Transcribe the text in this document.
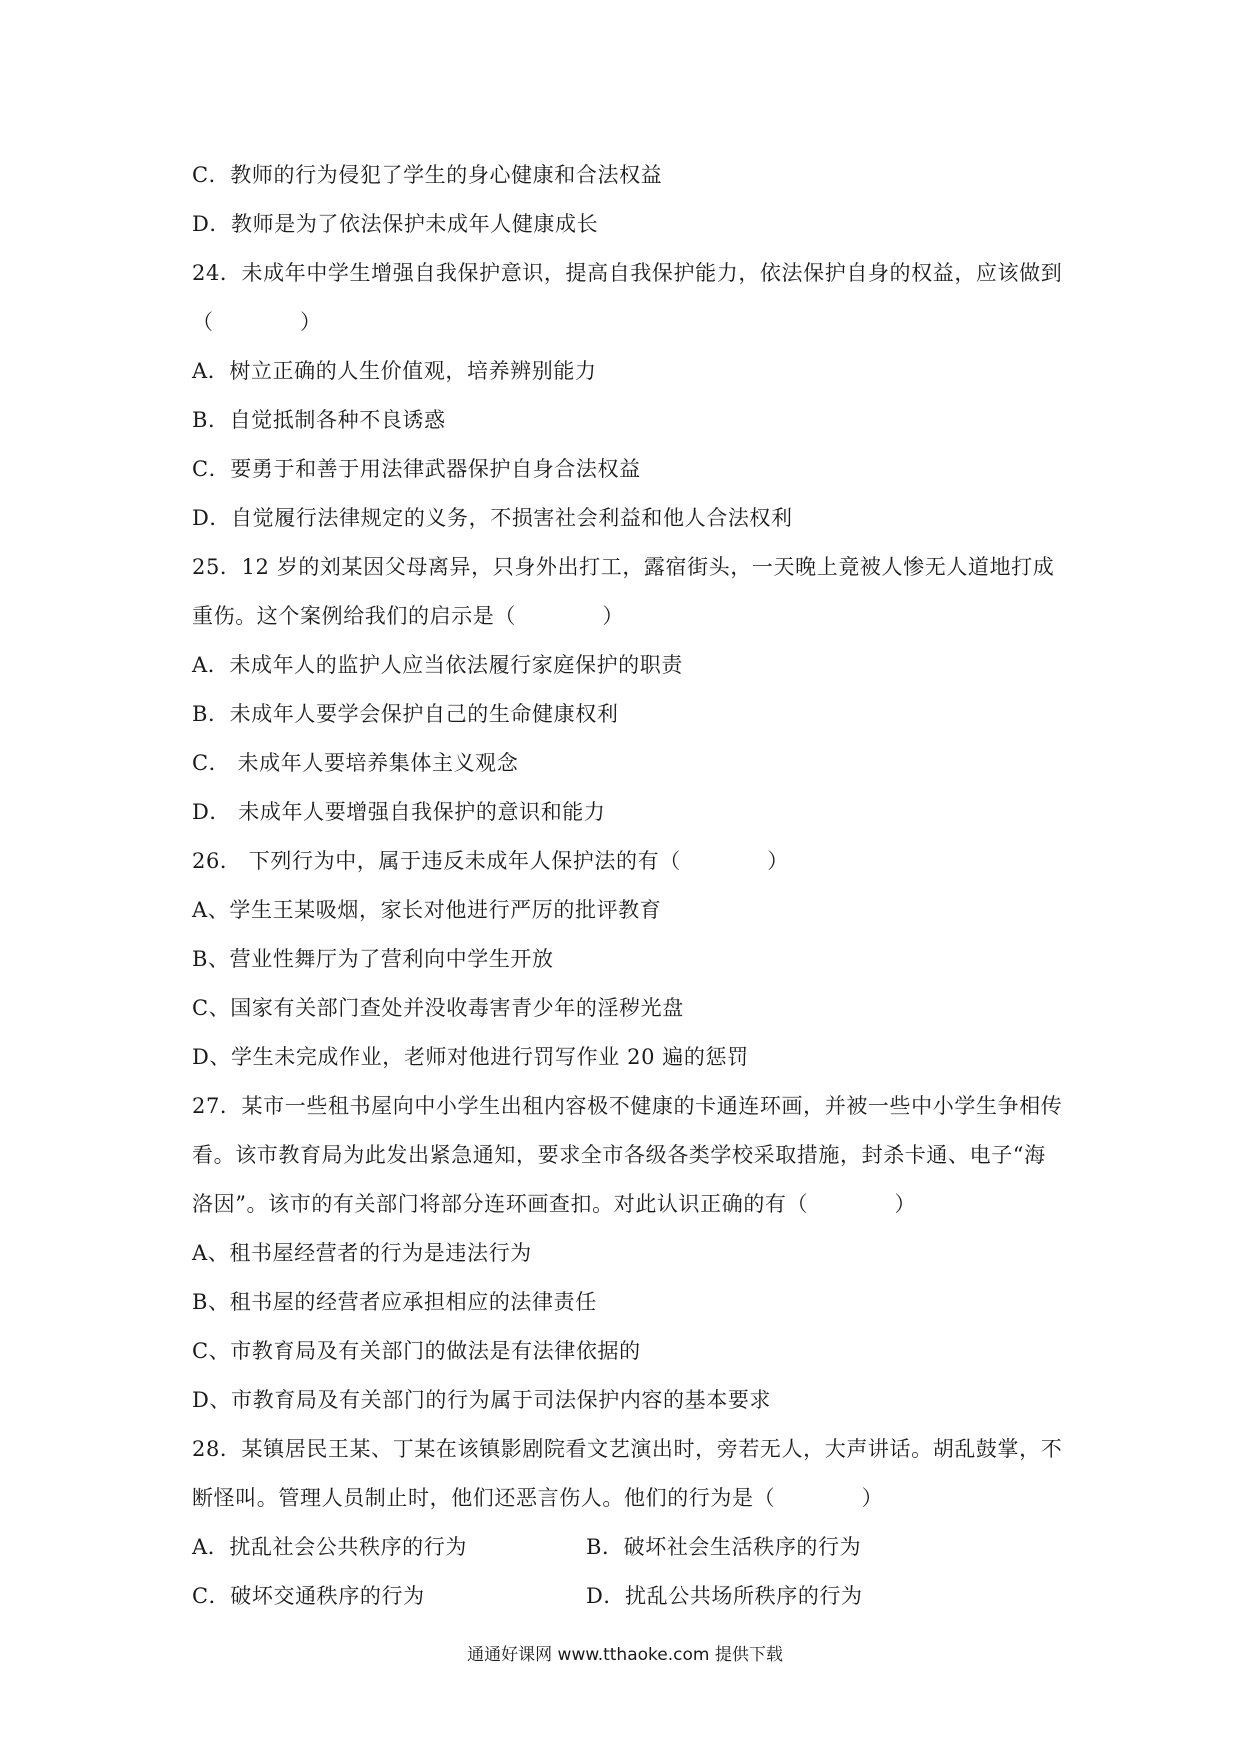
C．教师的行为侵犯了学生的身心健康和合法权益
D．教师是为了依法保护未成年人健康成长
24．未成年中学生增强自我保护意识，提高自我保护能力，依法保护自身的权益，应该做到
（　　　　）
A．树立正确的人生价值观，培养辨别能力
B．自觉抵制各种不良诱惑
C．要勇于和善于用法律武器保护自身合法权益
D．自觉履行法律规定的义务，不损害社会利益和他人合法权利
25．12 岁的刘某因父母离异，只身外出打工，露宿街头，一天晚上竟被人惨无人道地打成
重伤。这个案例给我们的启示是（　　　　）
A．未成年人的监护人应当依法履行家庭保护的职责
B．未成年人要学会保护自己的生命健康权利
C． 未成年人要培养集体主义观念
D． 未成年人要增强自我保护的意识和能力
26． 下列行为中，属于违反未成年人保护法的有（　　　　）
A、学生王某吸烟，家长对他进行严厉的批评教育
B、营业性舞厅为了营利向中学生开放
C、国家有关部门查处并没收毒害青少年的淫秽光盘
D、学生未完成作业，老师对他进行罚写作业 20 遍的惩罚
27．某市一些租书屋向中小学生出租内容极不健康的卡通连环画，并被一些中小学生争相传
看。该市教育局为此发出紧急通知，要求全市各级各类学校采取措施，封杀卡通、电子“海
洛因”。该市的有关部门将部分连环画查扣。对此认识正确的有（　　　　）
A、租书屋经营者的行为是违法行为
B、租书屋的经营者应承担相应的法律责任
C、市教育局及有关部门的做法是有法律依据的
D、市教育局及有关部门的行为属于司法保护内容的基本要求
28．某镇居民王某、丁某在该镇影剧院看文艺演出时，旁若无人，大声讲话。胡乱鼓掌，不
断怪叫。管理人员制止时，他们还恶言伤人。他们的行为是（　　　　）
A．扰乱社会公共秩序的行为	B．破坏社会生活秩序的行为
C．破坏交通秩序的行为	D．扰乱公共场所秩序的行为
通通好课网 www.tthaoke.com 提供下载
